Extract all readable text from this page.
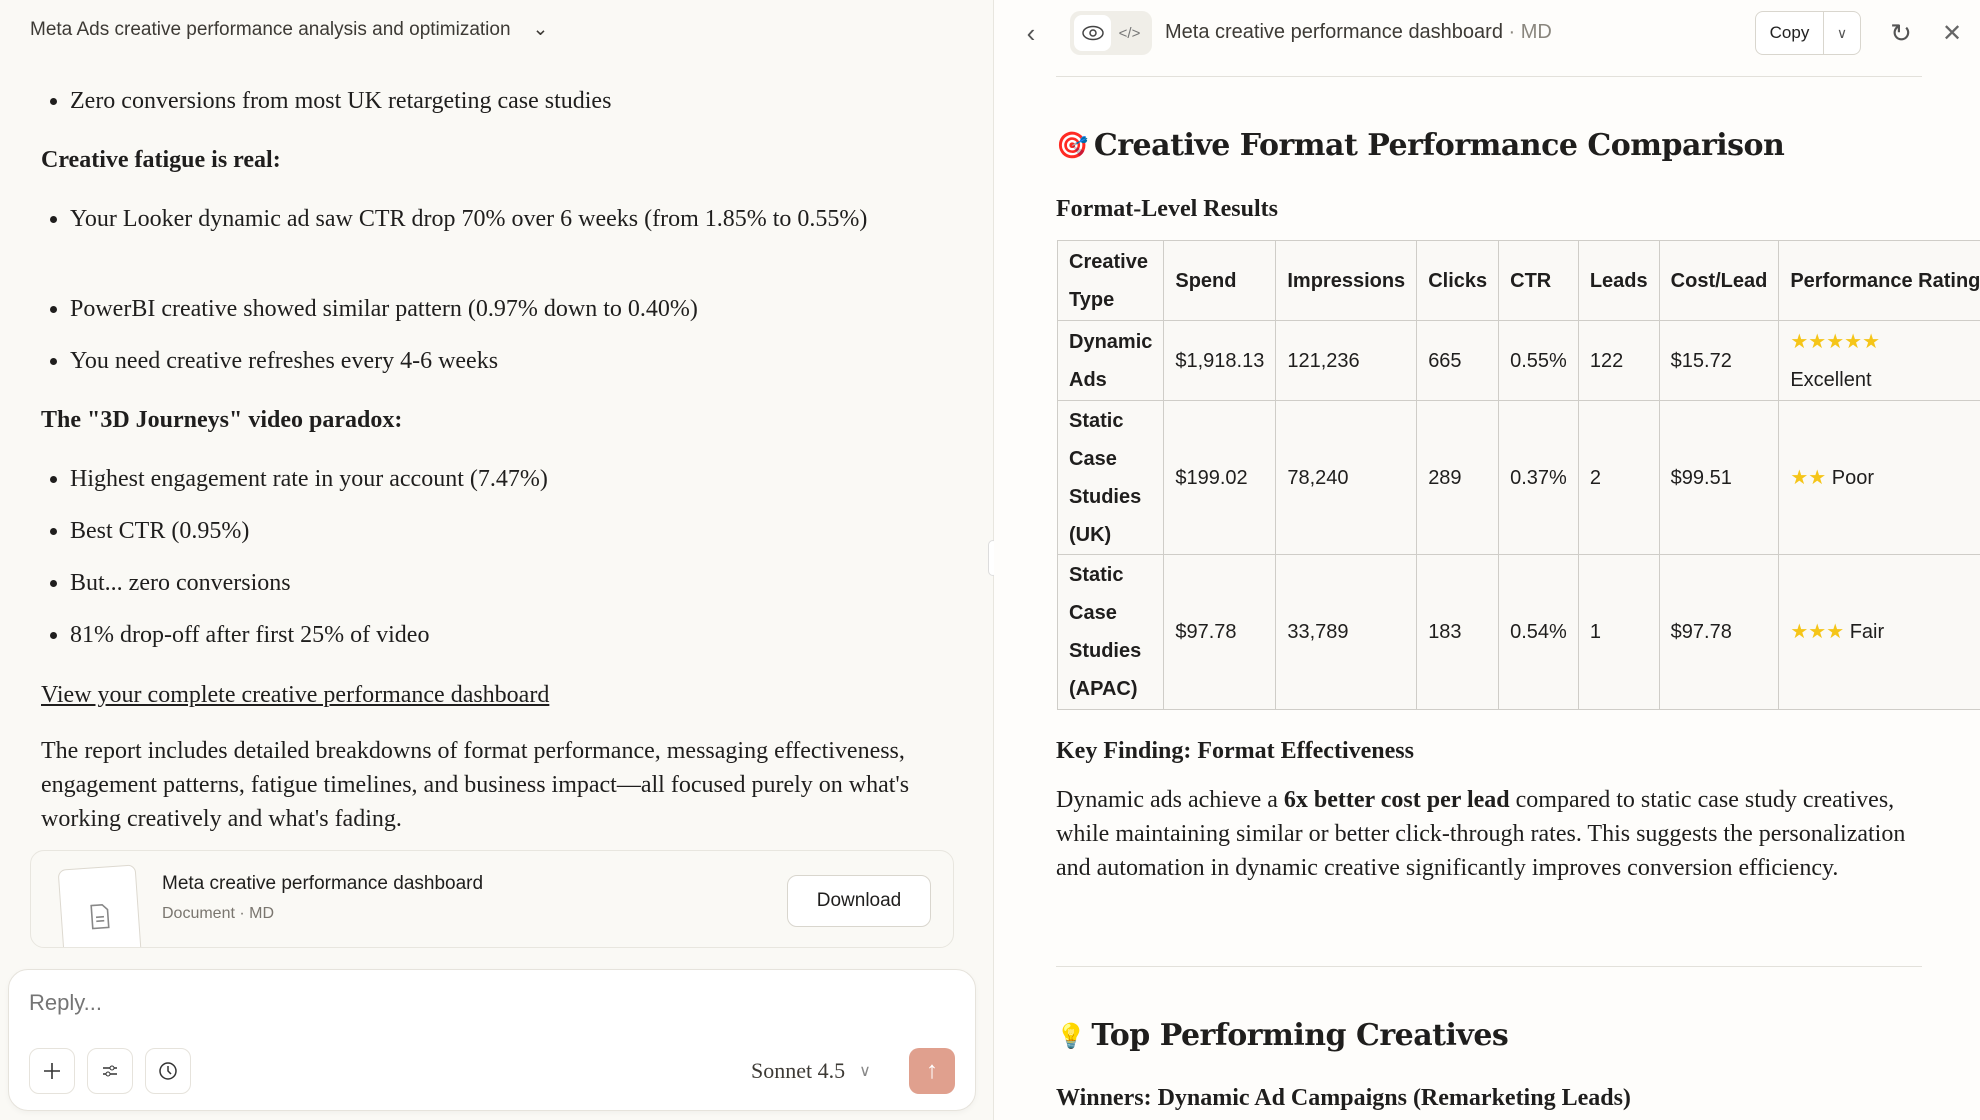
Meta Ads creative performance analysis and optimization ⌄
Zero conversions from most UK retargeting case studies
Creative fatigue is real:
Your Looker dynamic ad saw CTR drop 70% over 6 weeks (from 1.85% to 0.55%)
PowerBI creative showed similar pattern (0.97% down to 0.40%)
You need creative refreshes every 4-6 weeks
The "3D Journeys" video paradox:
Highest engagement rate in your account (7.47%)
Best CTR (0.95%)
But... zero conversions
81% drop-off after first 25% of video
View your complete creative performance dashboard
The report includes detailed breakdowns of format performance, messaging effectiveness, engagement patterns, fatigue timelines, and business impact—all focused purely on what's working creatively and what's fading.
Meta creative performance dashboard
Document · MD
Download
Reply...
Sonnet 4.5 ∨ ↑
‹	</>	Meta creative performance dashboard · MD	Copy	∨	↻ ✕
🎯 Creative Format Performance Comparison
Format-Level Results
Creative Type	Spend	Impressions	Clicks	CTR	Leads	Cost/Lead	Performance Rating
Dynamic Ads	$1,918.13	121,236	665	0.55%	122	$15.72	★★★★★
Excellent
Static Case Studies (UK)	$199.02	78,240	289	0.37%	2	$99.51	★★ Poor
Static Case Studies (APAC)	$97.78	33,789	183	0.54%	1	$97.78	★★★ Fair
Key Finding: Format Effectiveness
Dynamic ads achieve a 6x better cost per lead compared to static case study creatives, while maintaining similar or better click-through rates. This suggests the personalization and automation in dynamic creative significantly improves conversion efficiency.
💡 Top Performing Creatives
Winners: Dynamic Ad Campaigns (Remarketing Leads)
